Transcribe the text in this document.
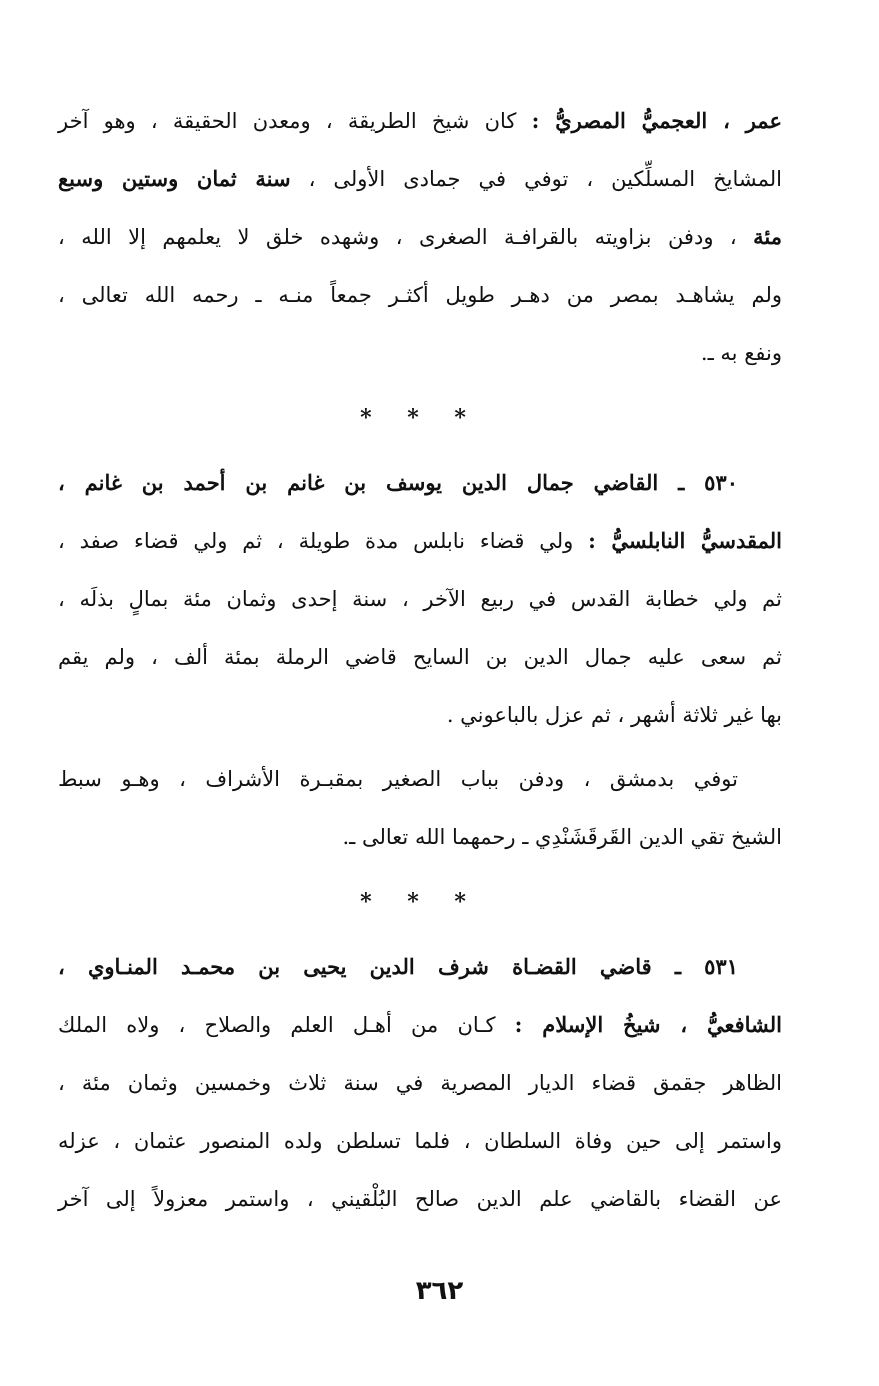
عمر ، العجميُّ المصريُّ : كان شيخ الطريقة ، ومعدن الحقيقة ، وهو آخر
المشايخ المسلِّكين ، توفي في جمادى الأولى ، سنة ثمان وستين وسبع
مئة ، ودفن بزاويته بالقرافـة الصغرى ، وشهده خلق لا يعلمهم إلا الله ،
ولم يشاهـد بمصر من دهـر طويل أكثـر جمعاً منـه ـ رحمه الله تعالى ،
ونفع به ـ.
* * *
٥٣٠ ـ القاضي جمال الدين يوسف بن غانم بن أحمد بن غانم ،
المقدسيُّ النابلسيُّ : ولي قضاء نابلس مدة طويلة ، ثم ولي قضاء صفد ،
ثم ولي خطابة القدس في ربيع الآخر ، سنة إحدى وثمان مئة بمالٍ بذلَه ،
ثم سعى عليه جمال الدين بن السايح قاضي الرملة بمئة ألف ، ولم يقم
بها غير ثلاثة أشهر ، ثم عزل بالباعوني .
توفي بدمشق ، ودفن بباب الصغير بمقبـرة الأشراف ، وهـو سبط
الشيخ تقي الدين القَرقَشَنْدِي ـ رحمهما الله تعالى ـ.
* * *
٥٣١ ـ قاضي القضـاة شرف الدين يحيى بن محمـد المنـاوي ،
الشافعيُّ ، شيخُ الإسلام : كـان من أهـل العلم والصلاح ، ولاه الملك
الظاهر جقمق قضاء الديار المصرية في سنة ثلاث وخمسين وثمان مئة ،
واستمر إلى حين وفاة السلطان ، فلما تسلطن ولده المنصور عثمان ، عزله
عن القضاء بالقاضي علم الدين صالح البُلْقيني ، واستمر معزولاً إلى آخر
٣٦٢
